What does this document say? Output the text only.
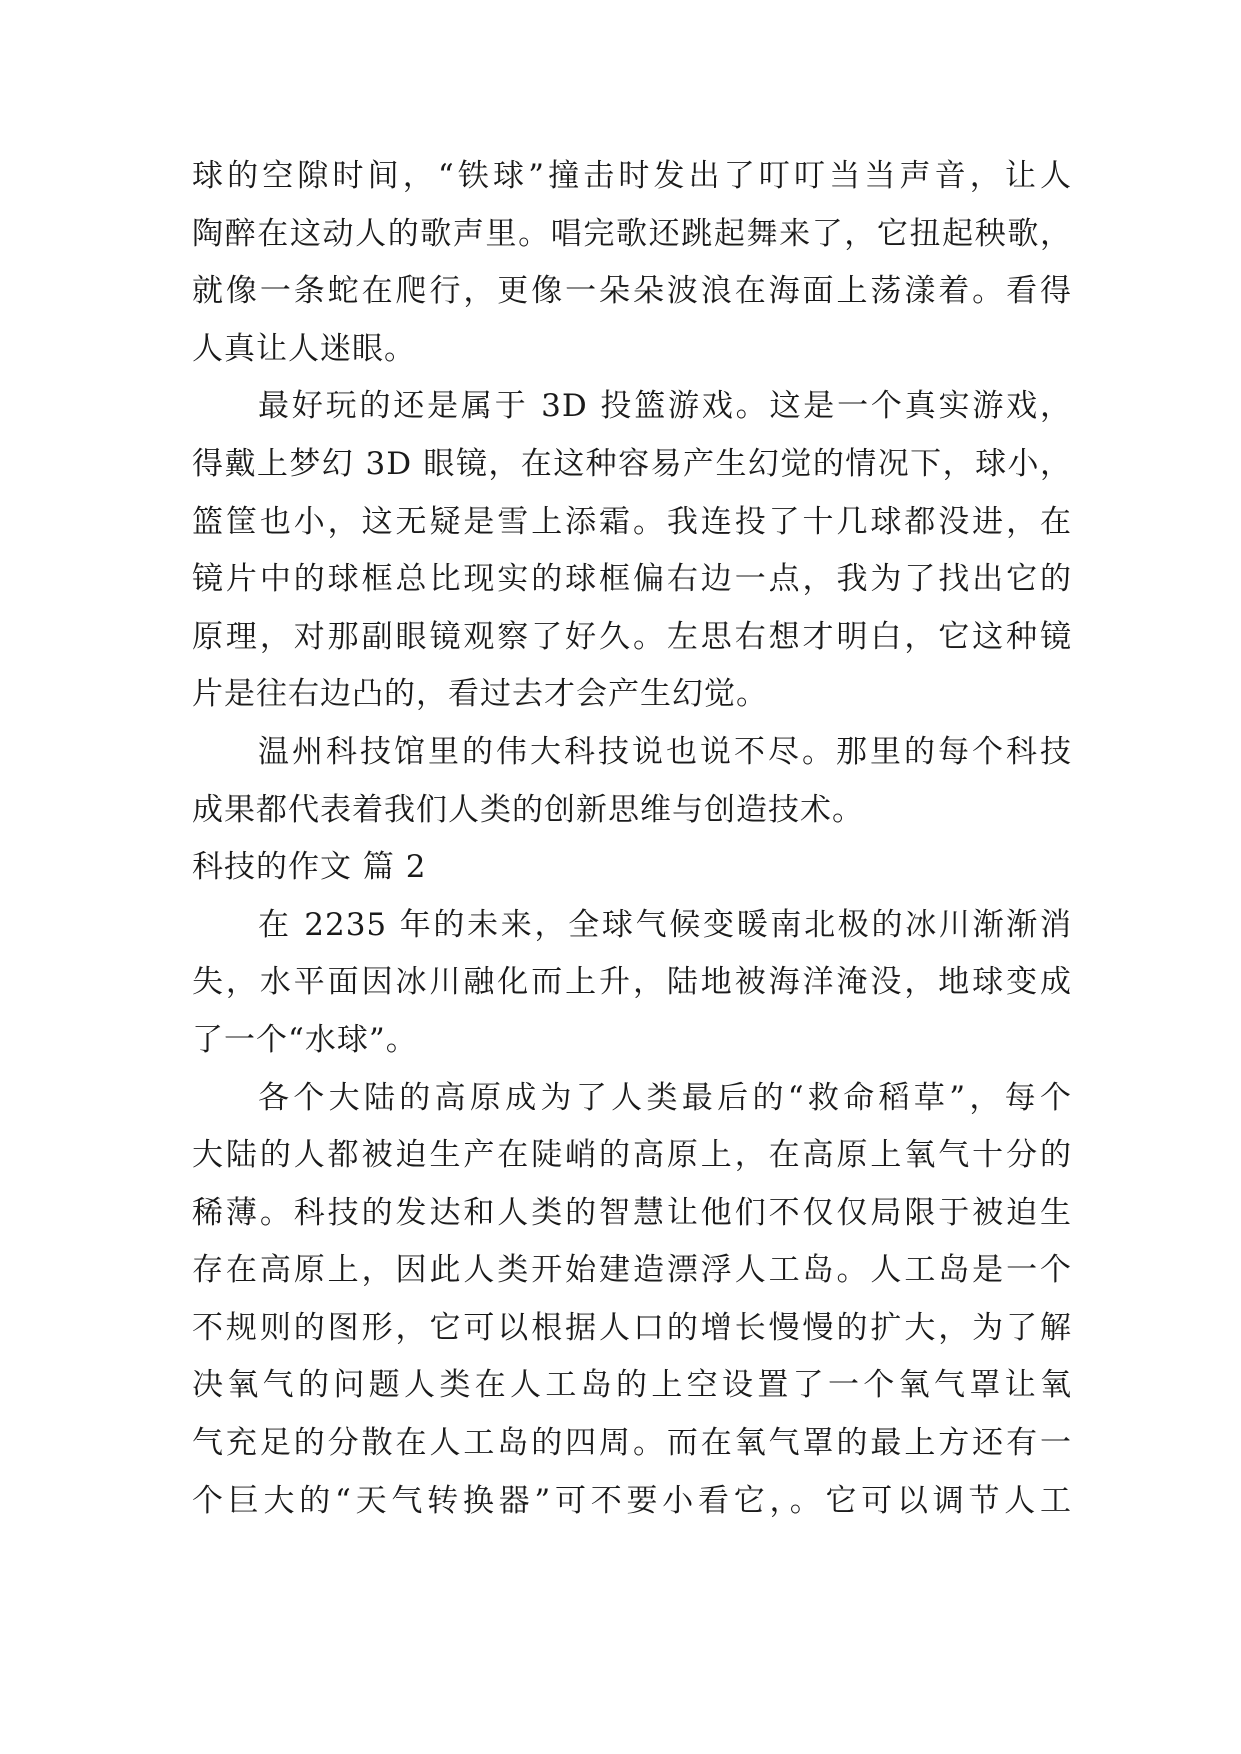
球的空隙时间，“铁球”撞击时发出了叮叮当当声音，让人
陶醉在这动人的歌声里。唱完歌还跳起舞来了，它扭起秧歌，
就像一条蛇在爬行，更像一朵朵波浪在海面上荡漾着。看得
人真让人迷眼。
最好玩的还是属于 3D 投篮游戏。这是一个真实游戏，
得戴上梦幻 3D 眼镜，在这种容易产生幻觉的情况下，球小，
篮筐也小，这无疑是雪上添霜。我连投了十几球都没进，在
镜片中的球框总比现实的球框偏右边一点，我为了找出它的
原理，对那副眼镜观察了好久。左思右想才明白，它这种镜
片是往右边凸的，看过去才会产生幻觉。
温州科技馆里的伟大科技说也说不尽。那里的每个科技
成果都代表着我们人类的创新思维与创造技术。
科技的作文 篇 2
在 2235 年的未来，全球气候变暖南北极的冰川渐渐消
失，水平面因冰川融化而上升，陆地被海洋淹没，地球变成
了一个“水球”。
各个大陆的高原成为了人类最后的“救命稻草”，每个
大陆的人都被迫生产在陡峭的高原上，在高原上氧气十分的
稀薄。科技的发达和人类的智慧让他们不仅仅局限于被迫生
存在高原上，因此人类开始建造漂浮人工岛。人工岛是一个
不规则的图形，它可以根据人口的增长慢慢的扩大，为了解
决氧气的问题人类在人工岛的上空设置了一个氧气罩让氧
气充足的分散在人工岛的四周。而在氧气罩的最上方还有一
个巨大的“天气转换器”可不要小看它，。它可以调节人工
